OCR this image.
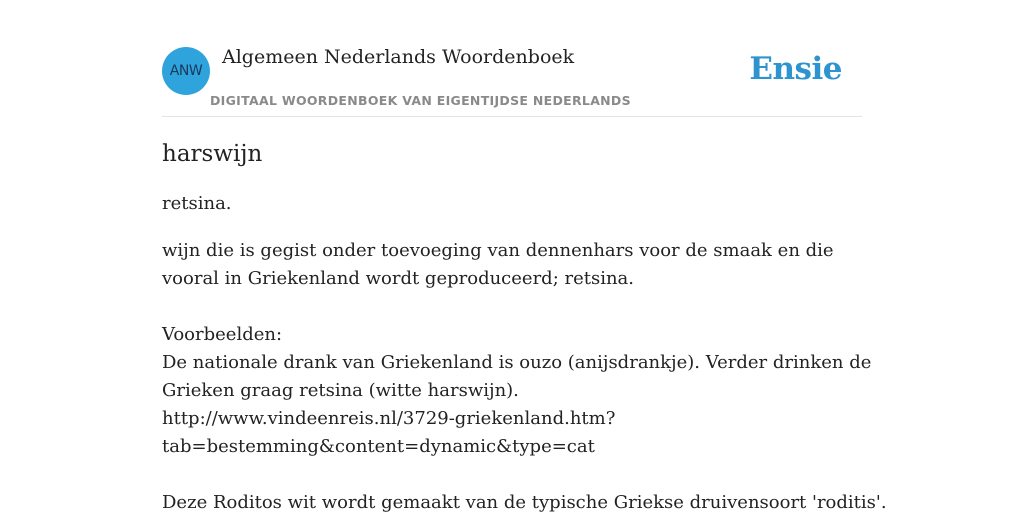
ANW
Algemeen Nederlands Woordenboek
DIGITAAL WOORDENBOEK VAN EIGENTIJDSE NEDERLANDS
Ensie
harswijn
retsina.
wijn die is gegist onder toevoeging van dennenhars voor de smaak en die vooral in Griekenland wordt geproduceerd; retsina.
Voorbeelden:
De nationale drank van Griekenland is ouzo (anijsdrankje). Verder drinken de
Grieken graag retsina (witte harswijn).
http://www.vindeenreis.nl/3729-griekenland.htm?
tab=bestemming&content=dynamic&type=cat
Deze Roditos wit wordt gemaakt van de typische Griekse druivensoort 'roditis'.
